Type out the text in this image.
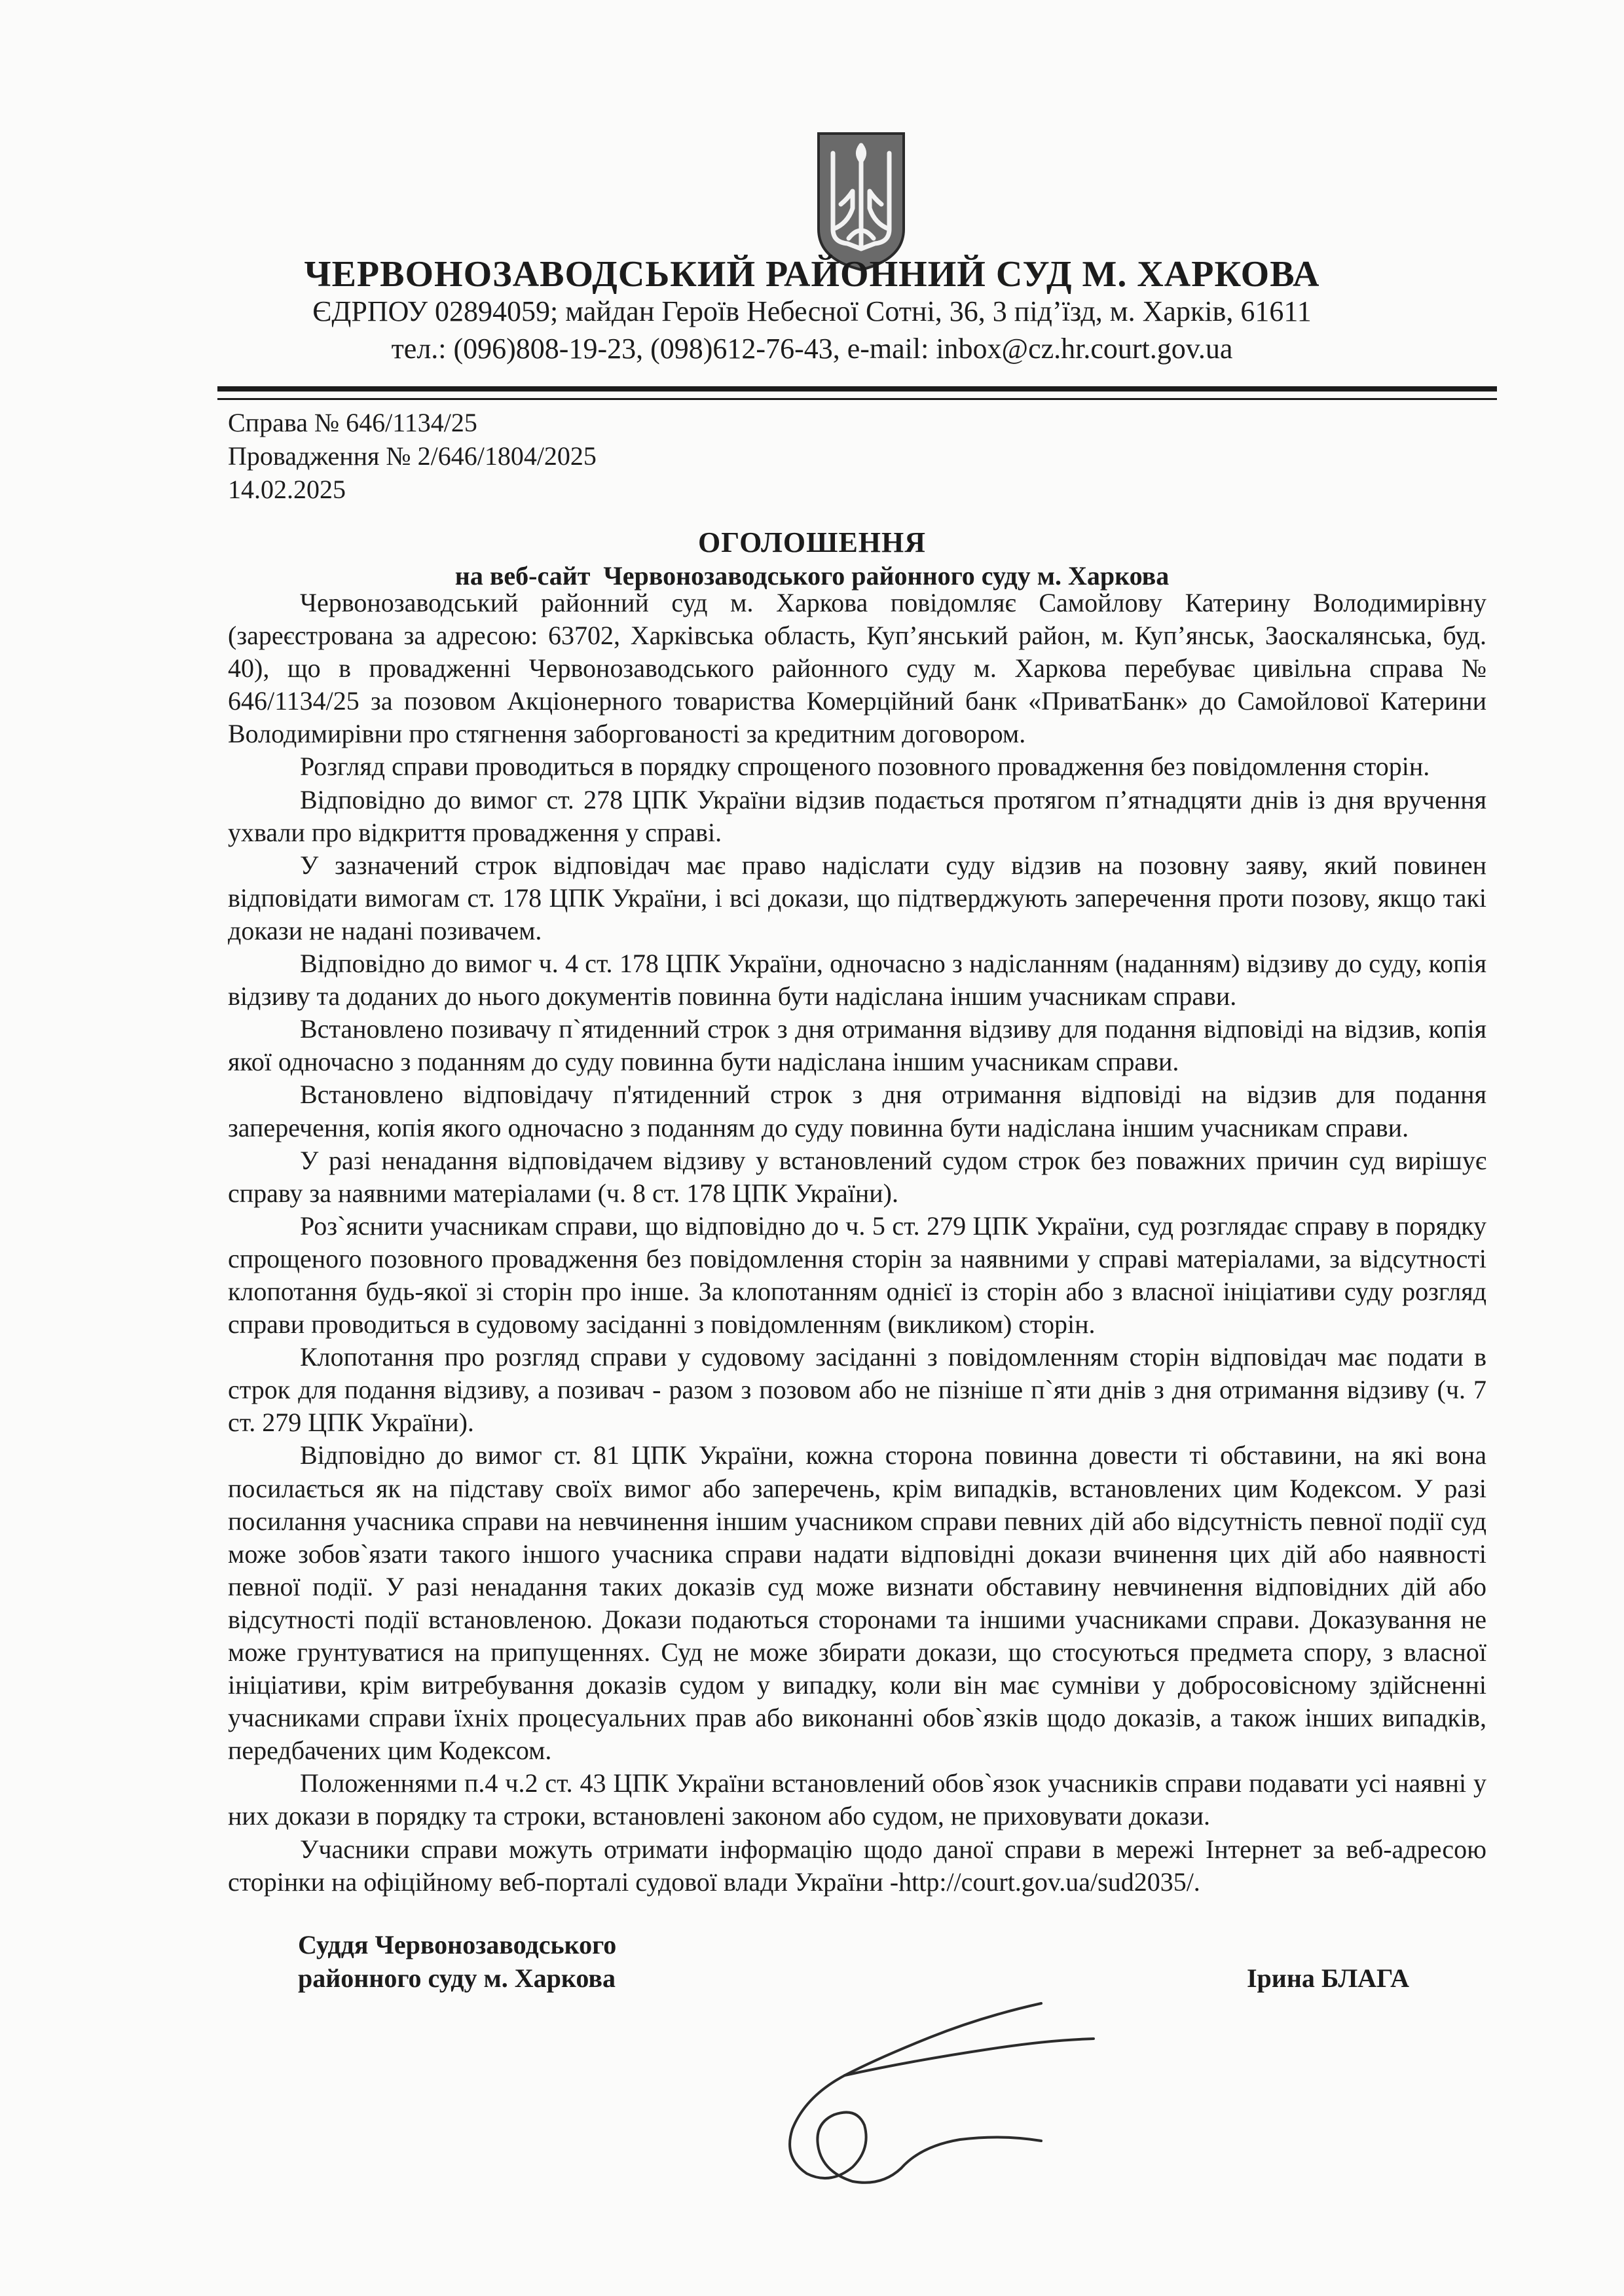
ЧЕРВОНОЗАВОДСЬКИЙ РАЙОННИЙ СУД М. ХАРКОВА
ЄДРПОУ 02894059; майдан Героїв Небесної Сотні, 36, 3 під’їзд, м. Харків, 61611
тел.: (096)808-19-23, (098)612-76-43, e-mail: inbox@cz.hr.court.gov.ua
Справа № 646/1134/25
Провадження № 2/646/1804/2025
14.02.2025
ОГОЛОШЕННЯ
на веб-сайт  Червонозаводського районного суду м. Харкова

Червонозаводський районний суд м. Харкова повідомляє Самойлову Катерину Володимирівну (зареєстрована за адресою: 63702, Харківська область, Куп’янський район, м. Куп’янськ, Заоскалянська, буд. 40), що в провадженні Червонозаводського районного суду м. Харкова перебуває цивільна справа № 646/1134/25 за позовом Акціонерного товариства Комерційний банк «ПриватБанк» до Самойлової Катерини Володимирівни про стягнення заборгованості за кредитним договором.

Розгляд справи проводиться в порядку спрощеного позовного провадження без повідомлення сторін.

Відповідно до вимог ст. 278 ЦПК України відзив подається протягом п’ятнадцяти днів із дня вручення ухвали про відкриття провадження у справі.

У зазначений строк відповідач має право надіслати суду відзив на позовну заяву, який повинен відповідати вимогам ст. 178 ЦПК України, і всі докази, що підтверджують заперечення проти позову, якщо такі докази не надані позивачем.

Відповідно до вимог ч. 4 ст. 178 ЦПК України, одночасно з надісланням (наданням) відзиву до суду, копія відзиву та доданих до нього документів повинна бути надіслана іншим учасникам справи.

Встановлено позивачу п`ятиденний строк з дня отримання відзиву для подання відповіді на відзив, копія якої одночасно з поданням до суду повинна бути надіслана іншим учасникам справи.

Встановлено відповідачу п'ятиденний строк з дня отримання відповіді на відзив для подання заперечення, копія якого одночасно з поданням до суду повинна бути надіслана іншим учасникам справи.

У разі ненадання відповідачем відзиву у встановлений судом строк без поважних причин суд вирішує справу за наявними матеріалами (ч. 8 ст. 178 ЦПК України).

Роз`яснити учасникам справи, що відповідно до ч. 5 ст. 279 ЦПК України, суд розглядає справу в порядку спрощеного позовного провадження без повідомлення сторін за наявними у справі матеріалами, за відсутності клопотання будь-якої зі сторін про інше. За клопотанням однієї із сторін або з власної ініціативи суду розгляд справи проводиться в судовому засіданні з повідомленням (викликом) сторін.

Клопотання про розгляд справи у судовому засіданні з повідомленням сторін відповідач має подати в строк для подання відзиву, а позивач - разом з позовом або не пізніше п`яти днів з дня отримання відзиву (ч. 7 ст. 279 ЦПК України).

Відповідно до вимог ст. 81 ЦПК України, кожна сторона повинна довести ті обставини, на які вона посилається як на підставу своїх вимог або заперечень, крім випадків, встановлених цим Кодексом. У разі посилання учасника справи на невчинення іншим учасником справи певних дій або відсутність певної події суд може зобов`язати такого іншого учасника справи надати відповідні докази вчинення цих дій або наявності певної події. У разі ненадання таких доказів суд може визнати обставину невчинення відповідних дій або відсутності події встановленою. Докази подаються сторонами та іншими учасниками справи. Доказування не може грунтуватися на припущеннях. Суд не може збирати докази, що стосуються предмета спору, з власної ініціативи, крім витребування доказів судом у випадку, коли він має сумніви у добросовісному здійсненні учасниками справи їхніх процесуальних прав або виконанні обов`язків щодо доказів, а також інших випадків, передбачених цим Кодексом.

Положеннями п.4 ч.2 ст. 43 ЦПК України встановлений обов`язок учасників справи подавати усі наявні у них докази в порядку та строки, встановлені законом або судом, не приховувати докази.

Учасники справи можуть отримати інформацію щодо даної справи в мережі Інтернет за веб-адресою сторінки на офіційному веб-порталі судової влади України -http://court.gov.ua/sud2035/.

Суддя Червонозаводського
районного суду м. Харкова	Ірина БЛАГА
